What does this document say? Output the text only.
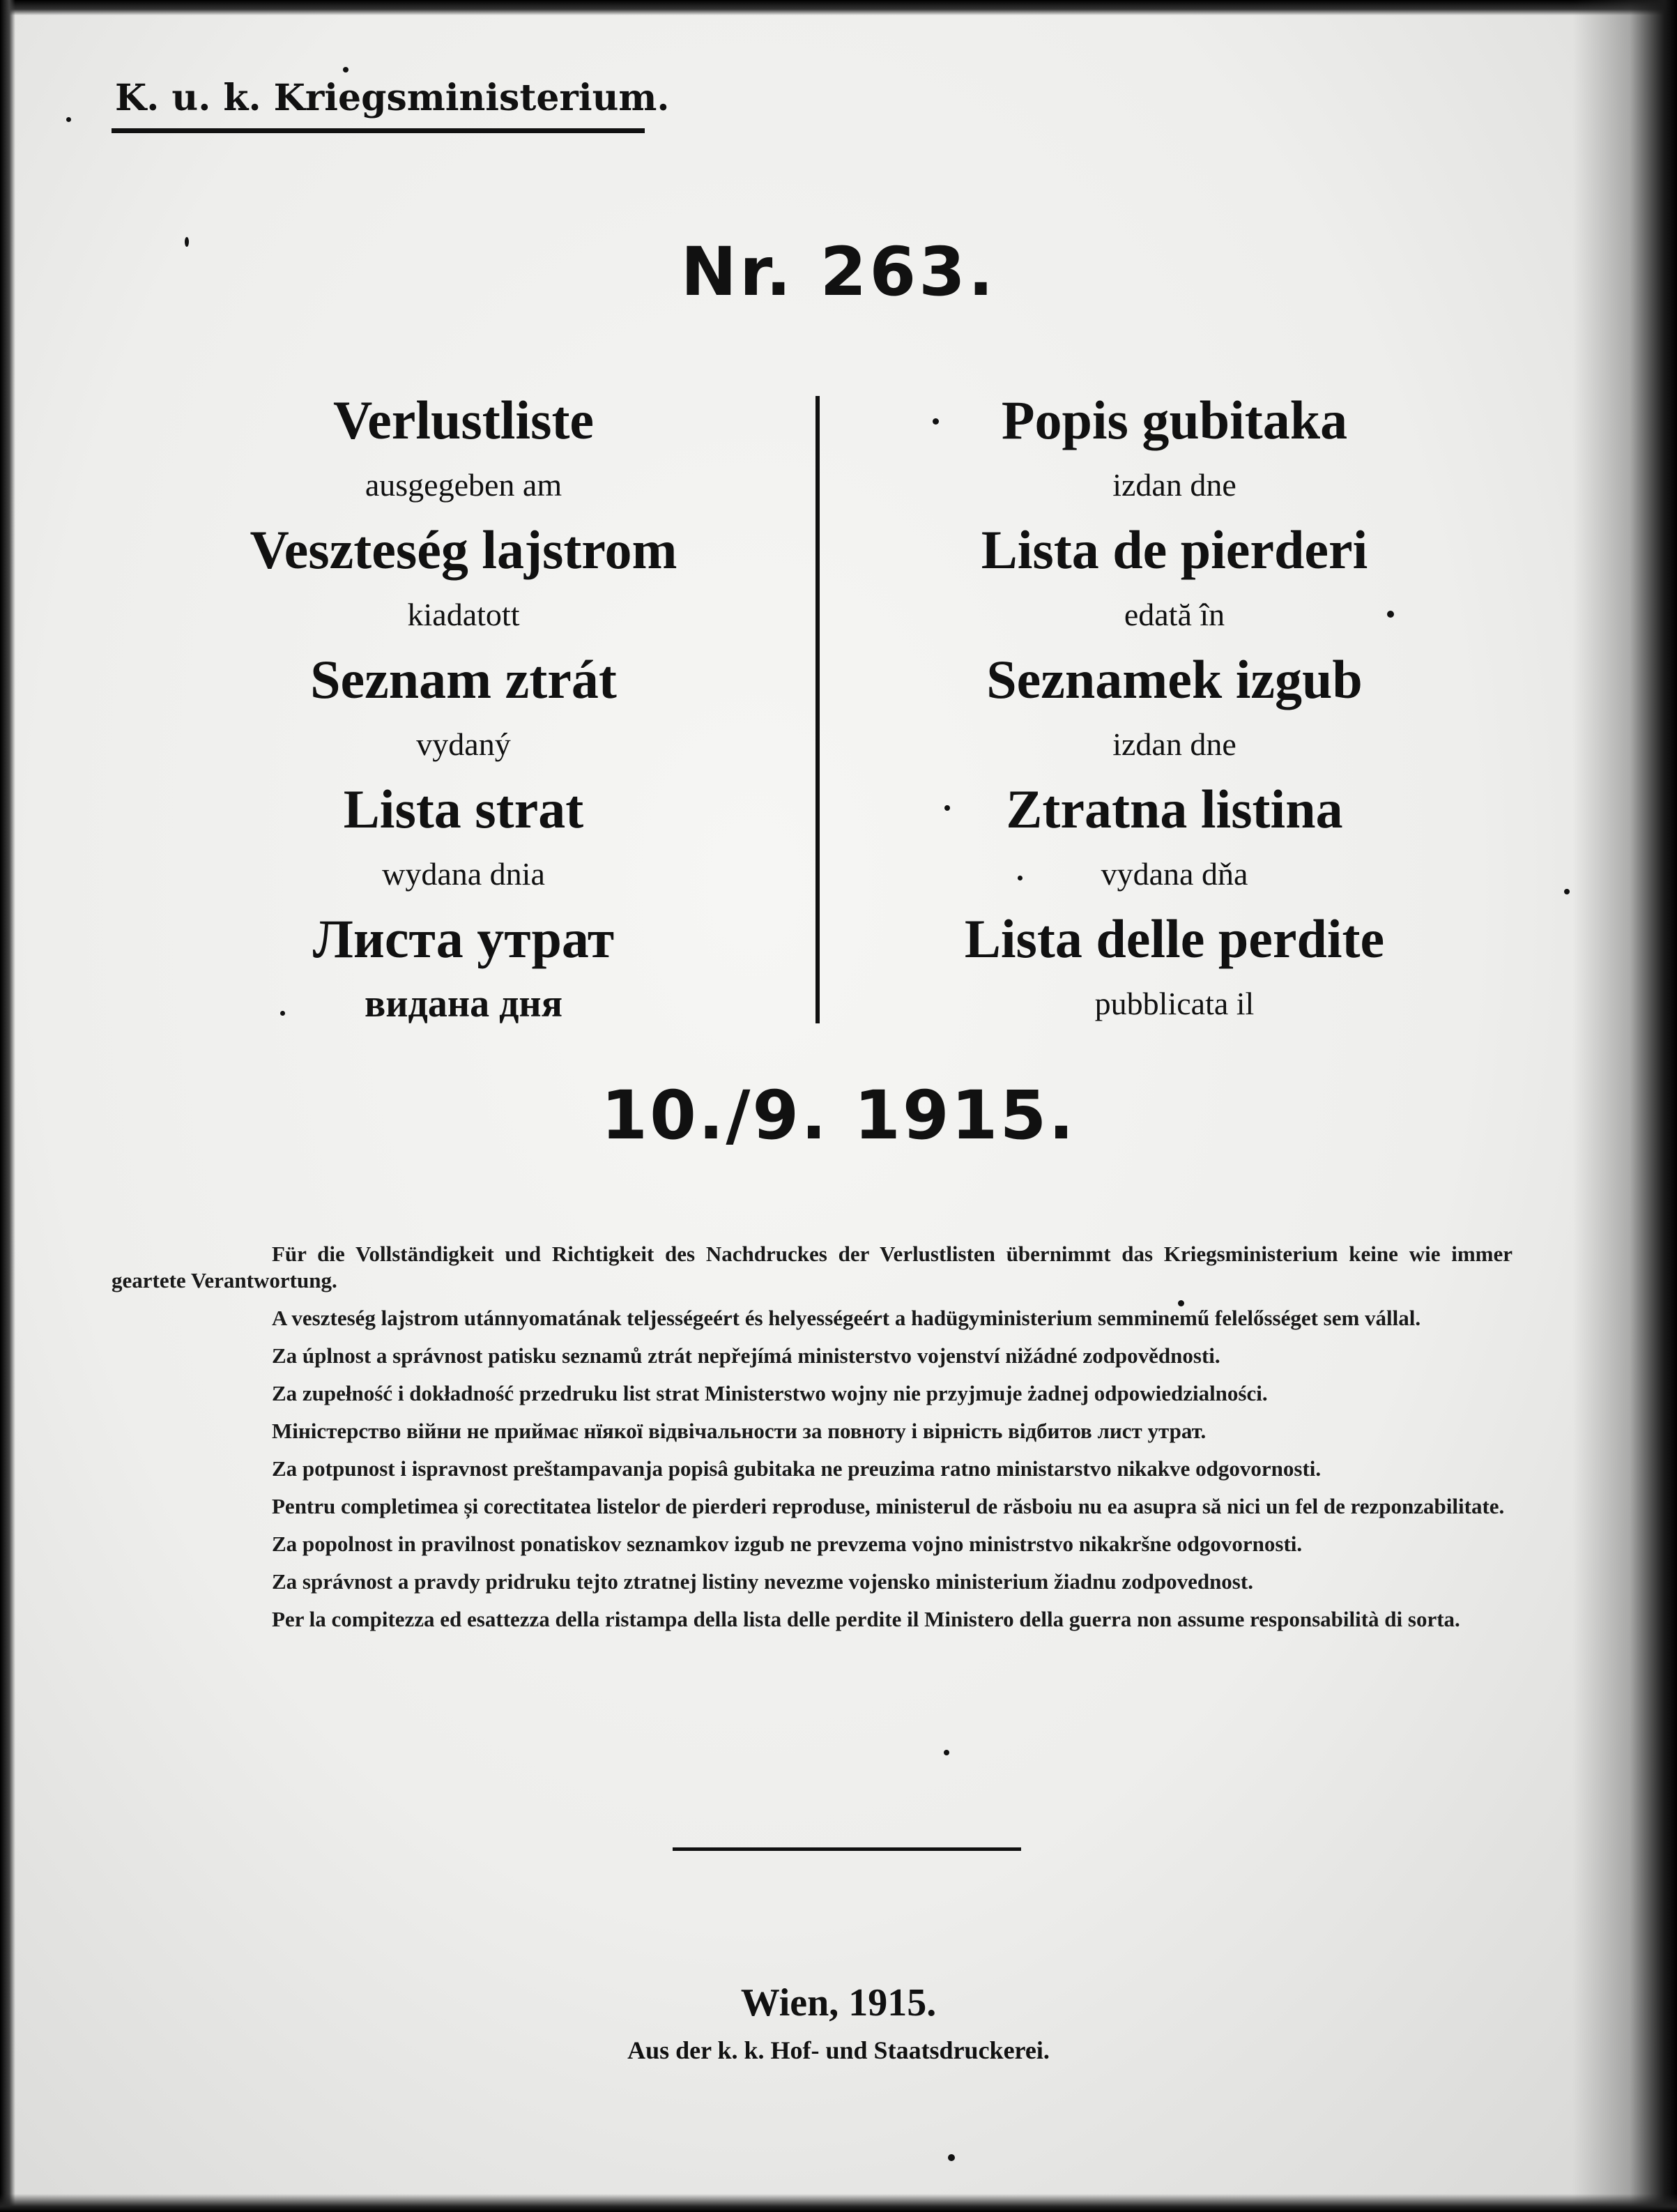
K. u. k. Kriegsministerium.
Nr. 263.
Verlustliste
ausgegeben am
Veszteség lajstrom
kiadatott
Seznam ztrát
vydaný
Lista strat
wydana dnia
Листа утрат
видана дня
Popis gubitaka
izdan dne
Lista de pierderi
edată în
Seznamek izgub
izdan dne
Ztratna listina
vydana dňa
Lista delle perdite
pubblicata il
10./9. 1915.

Für die Vollständigkeit und Richtigkeit des Nachdruckes der Verlustlisten übernimmt das Kriegsministerium keine wie immer geartete Verantwortung.

A veszteség lajstrom utánnyomatának teljességeért és helyességeért a hadügyministerium semminemű felelősséget sem vállal.

Za úplnost a správnost patisku seznamů ztrát nepřejímá ministerstvo vojenství nižádné zodpovědnosti.

Za zupełność i dokładność przedruku list strat Ministerstwo wojny nie przyjmuje żadnej odpowiedzialności.

Міністерство війни не приймає нїякої відвічальности за повноту і вірність відбитов лист утрат.

Za potpunost i ispravnost preštampavanja popisâ gubitaka ne preuzima ratno ministarstvo nikakve odgovornosti.

Pentru completimea și corectitatea listelor de pierderi reproduse, ministerul de răsboiu nu ea asupra să nici un fel de rezponzabilitate.

Za popolnost in pravilnost ponatiskov seznamkov izgub ne prevzema vojno ministrstvo nikakršne odgovornosti.

Za správnost a pravdy pridruku tejto ztratnej listiny nevezme vojensko ministerium žiadnu zodpovednost.

Per la compitezza ed esattezza della ristampa della lista delle perdite il Ministero della guerra non assume responsabilità di sorta.

Wien, 1915.
Aus der k. k. Hof- und Staatsdruckerei.
